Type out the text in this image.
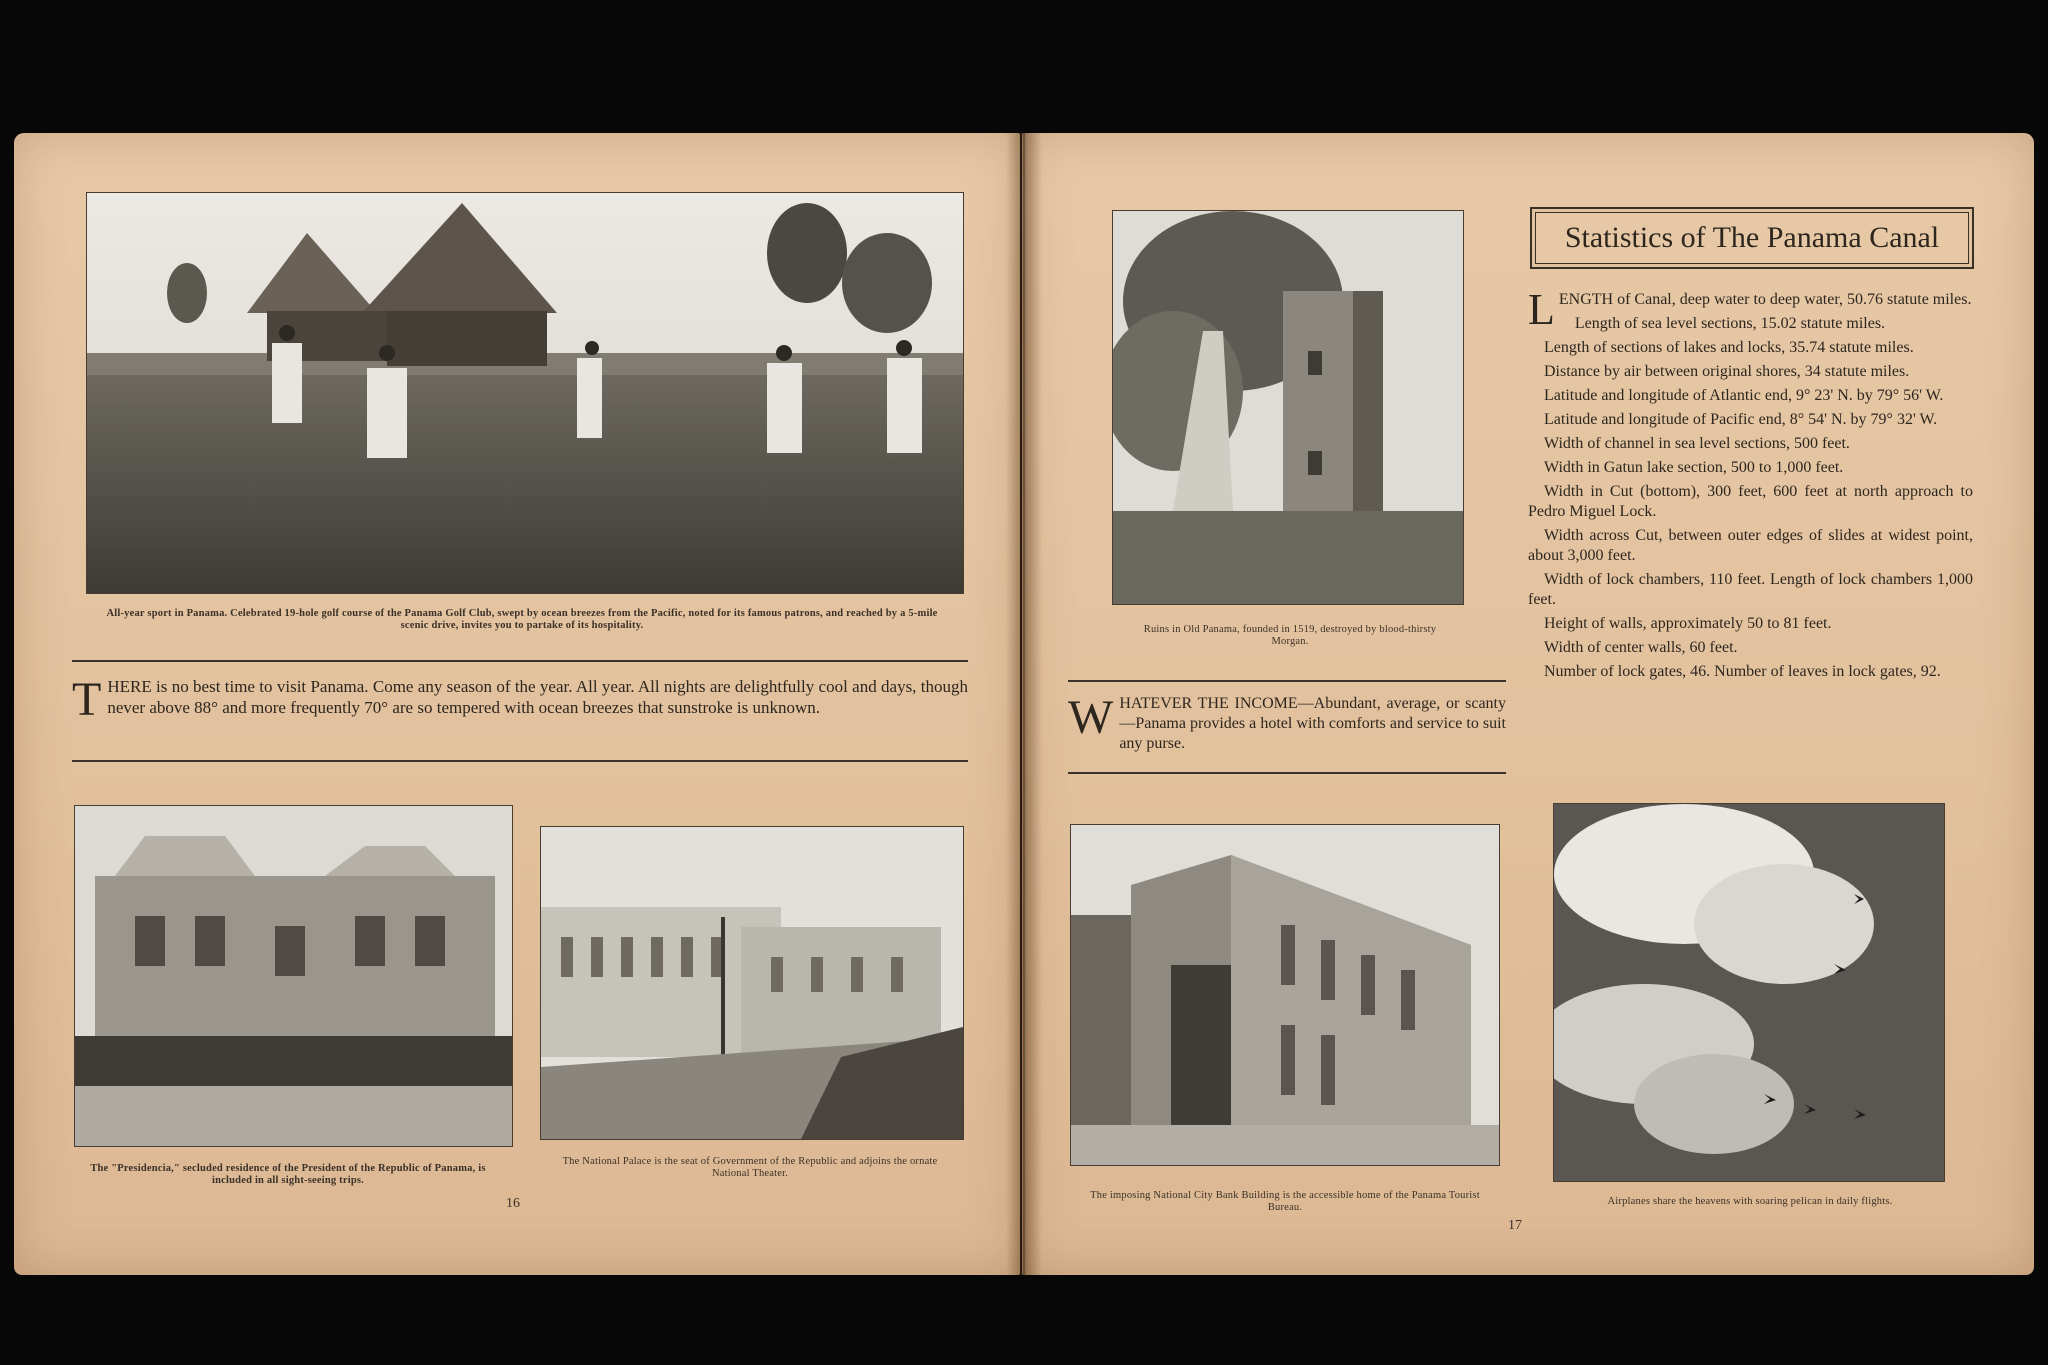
All-year sport in Panama. Celebrated 19-hole golf course of the Panama Golf Club, swept by ocean breezes from the Pacific, noted for its famous patrons, and reached by a 5-mile scenic drive, invites you to partake of its hospitality.
THERE is no best time to visit Panama. Come any season of the year. All year. All nights are delightfully cool and days, though never above 88° and more frequently 70° are so tempered with ocean breezes that sunstroke is unknown.
The "Presidencia," secluded residence of the President of the Republic of Panama, is included in all sight-seeing trips.
The National Palace is the seat of Government of the Republic and adjoins the ornate National Theater.
16
Ruins in Old Panama, founded in 1519, destroyed by blood-thirsty Morgan.
WHATEVER THE INCOME—Abundant, average, or scanty—Panama provides a hotel with comforts and service to suit any purse.
Statistics of The Panama Canal

LENGTH of Canal, deep water to deep water, 50.76 statute miles.

Length of sea level sections, 15.02 statute miles.

Length of sections of lakes and locks, 35.74 statute miles.

Distance by air between original shores, 34 statute miles.

Latitude and longitude of Atlantic end, 9° 23' N. by 79° 56' W.

Latitude and longitude of Pacific end, 8° 54' N. by 79° 32' W.

Width of channel in sea level sections, 500 feet.

Width in Gatun lake section, 500 to 1,000 feet.

Width in Cut (bottom), 300 feet, 600 feet at north approach to Pedro Miguel Lock.

Width across Cut, between outer edges of slides at widest point, about 3,000 feet.

Width of lock chambers, 110 feet. Length of lock chambers 1,000 feet.

Height of walls, approximately 50 to 81 feet.

Width of center walls, 60 feet.

Number of lock gates, 46. Number of leaves in lock gates, 92.

The imposing National City Bank Building is the accessible home of the Panama Tourist Bureau.
Airplanes share the heavens with soaring pelican in daily flights.
17
